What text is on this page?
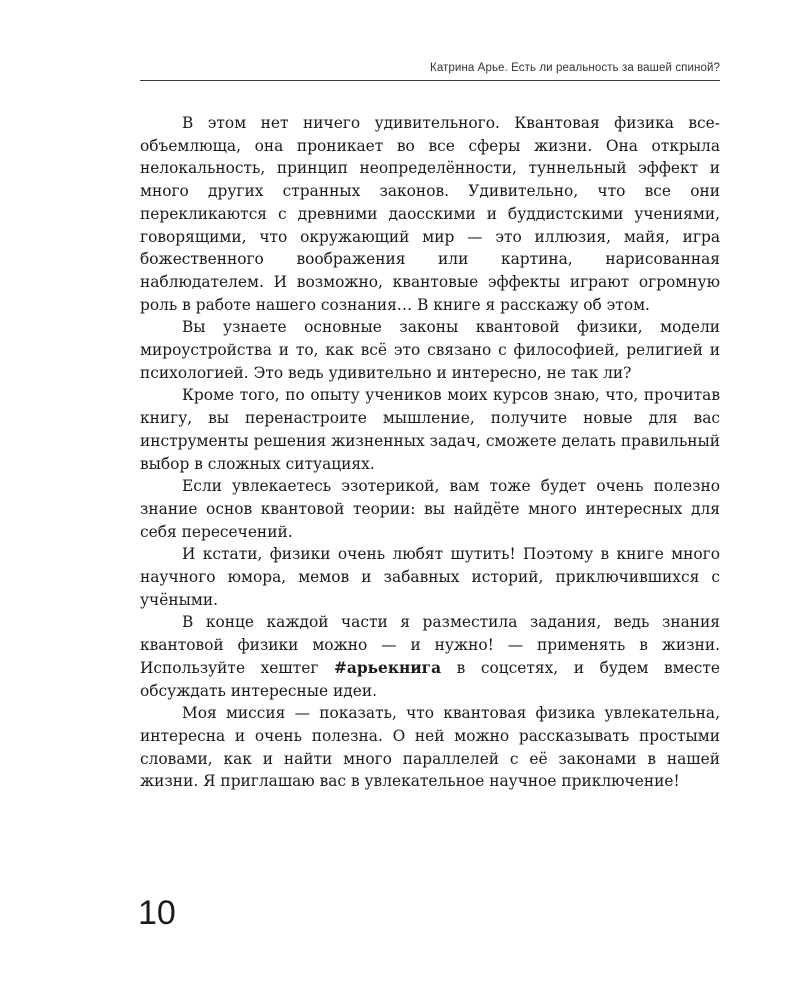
Катрина Арье. Есть ли реальность за вашей спиной?

В этом нет ничего удивительного. Квантовая физика всеобъемлюща, она проникает во все сферы жизни. Она открыла нелокальность, принцип неопределённости, туннельный эффект и много других странных законов. Удивительно, что все они перекликаются с древними даосскими и буддистскими учениями, говорящими, что окружающий мир — это иллюзия, майя, игра божественного воображения или картина, нарисованная наблюдателем. И возможно, квантовые эффекты играют огромную роль в работе нашего сознания… В книге я расскажу об этом.

Вы узнаете основные законы квантовой физики, модели мироустройства и то, как всё это связано с философией, религией и психологией. Это ведь удивительно и интересно, не так ли?

Кроме того, по опыту учеников моих курсов знаю, что, прочитав книгу, вы перенастроите мышление, получите новые для вас инструменты решения жизненных задач, сможете делать правильный выбор в сложных ситуациях.

Если увлекаетесь эзотерикой, вам тоже будет очень полезно знание основ квантовой теории: вы найдёте много интересных для себя пересечений.

И кстати, физики очень любят шутить! Поэтому в книге много научного юмора, мемов и забавных историй, приключившихся с учёными.

В конце каждой части я разместила задания, ведь знания квантовой физики можно — и нужно! — применять в жизни. Используйте хештег #арьекнига в соцсетях, и будем вместе обсуждать интересные идеи.

Моя миссия — показать, что квантовая физика увлекательна, интересна и очень полезна. О ней можно рассказывать простыми словами, как и найти много параллелей с её законами в нашей жизни. Я приглашаю вас в увлекательное научное приключение!

10
